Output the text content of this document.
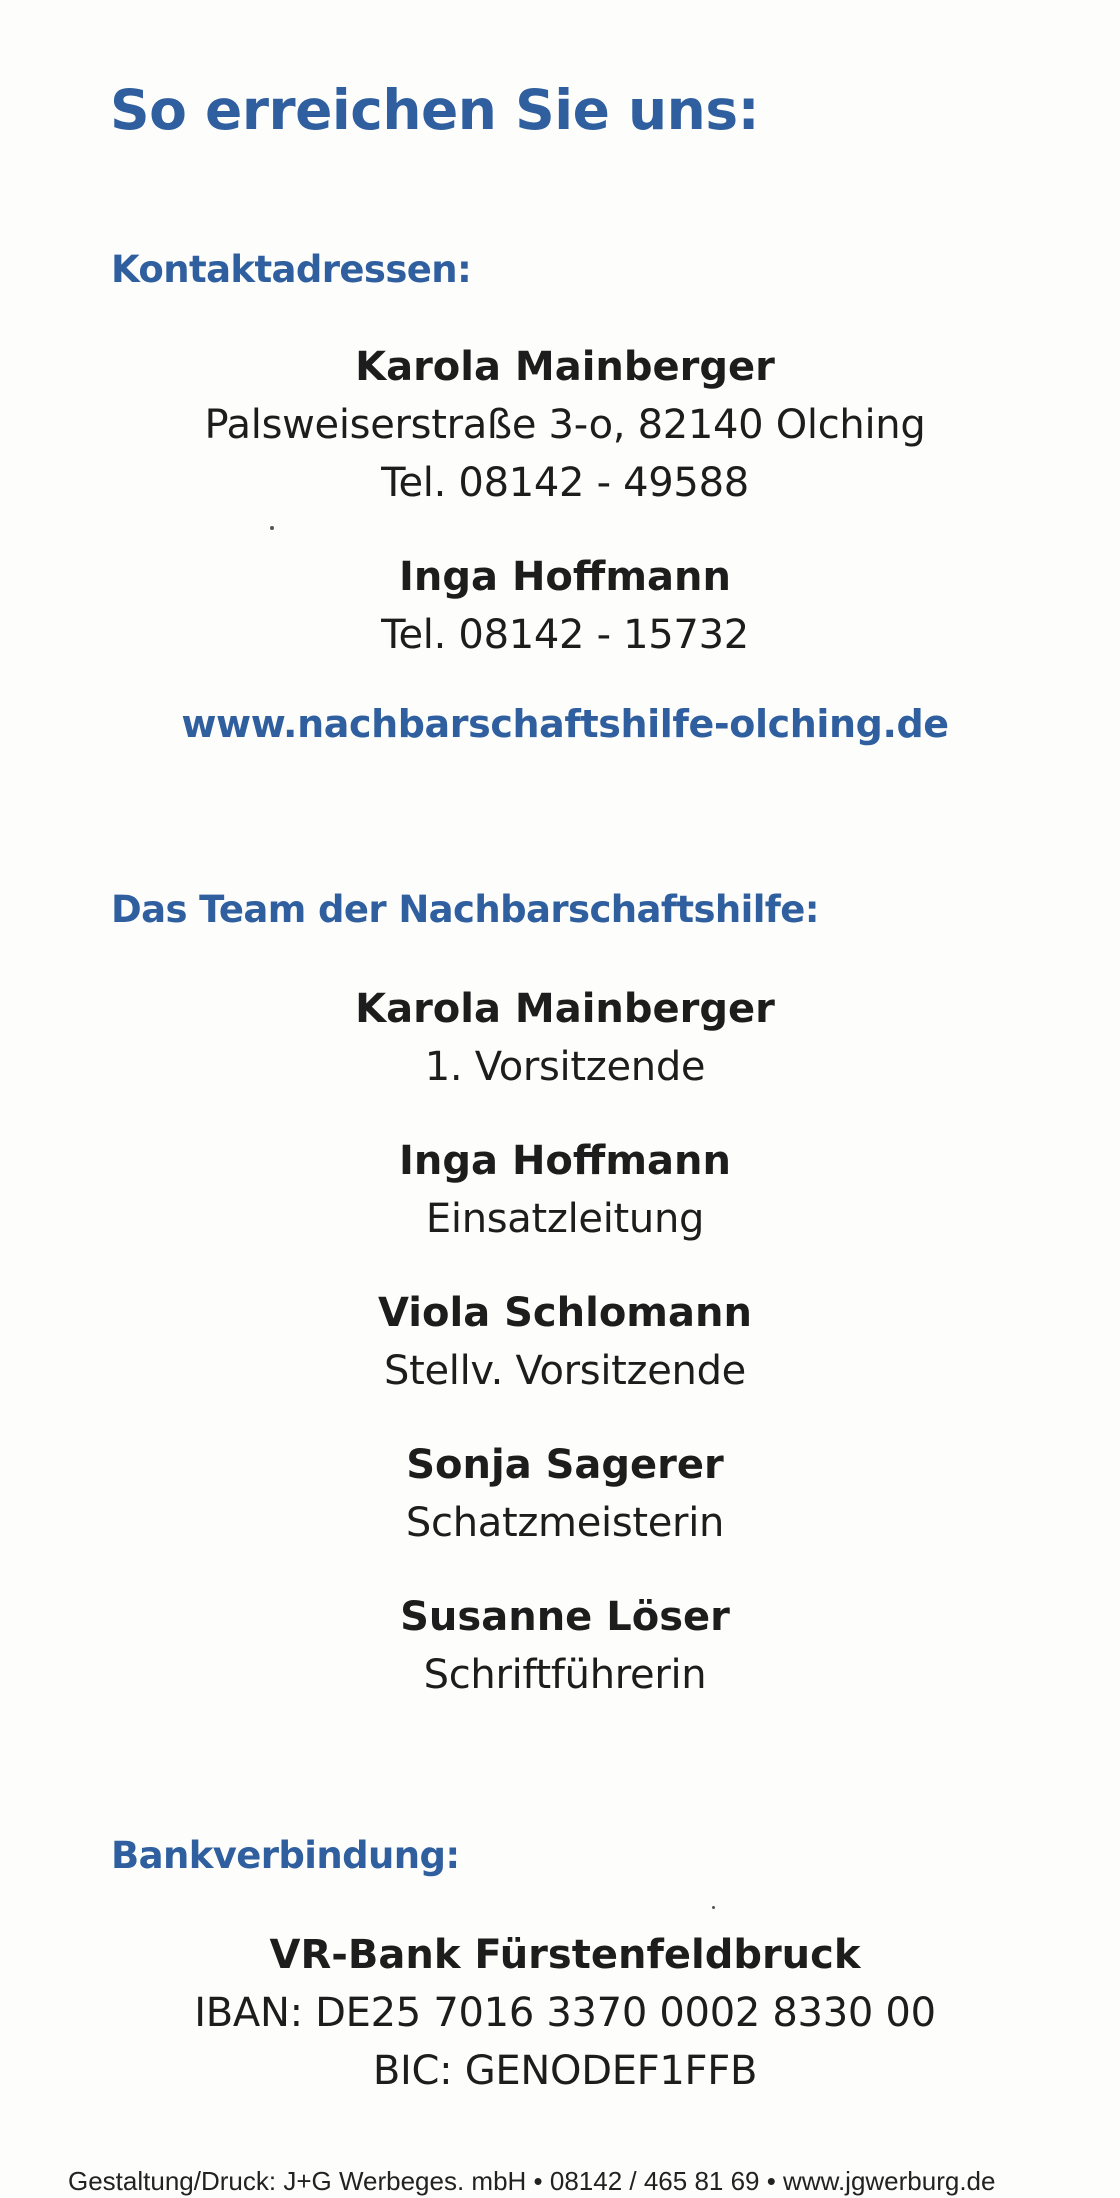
So erreichen Sie uns:
Kontaktadressen:
Karola Mainberger
Palsweiserstraße 3-o, 82140 Olching
Tel. 08142 - 49588
Inga Hoffmann
Tel. 08142 - 15732
www.nachbarschaftshilfe-olching.de
Das Team der Nachbarschaftshilfe:
Karola Mainberger
1. Vorsitzende
Inga Hoffmann
Einsatzleitung
Viola Schlomann
Stellv. Vorsitzende
Sonja Sagerer
Schatzmeisterin
Susanne Löser
Schriftführerin
Bankverbindung:
VR-Bank Fürstenfeldbruck
IBAN: DE25 7016 3370 0002 8330 00
BIC: GENODEF1FFB
Gestaltung/Druck: J+G Werbeges. mbH • 08142 / 465 81 69 • www.jgwerburg.de
